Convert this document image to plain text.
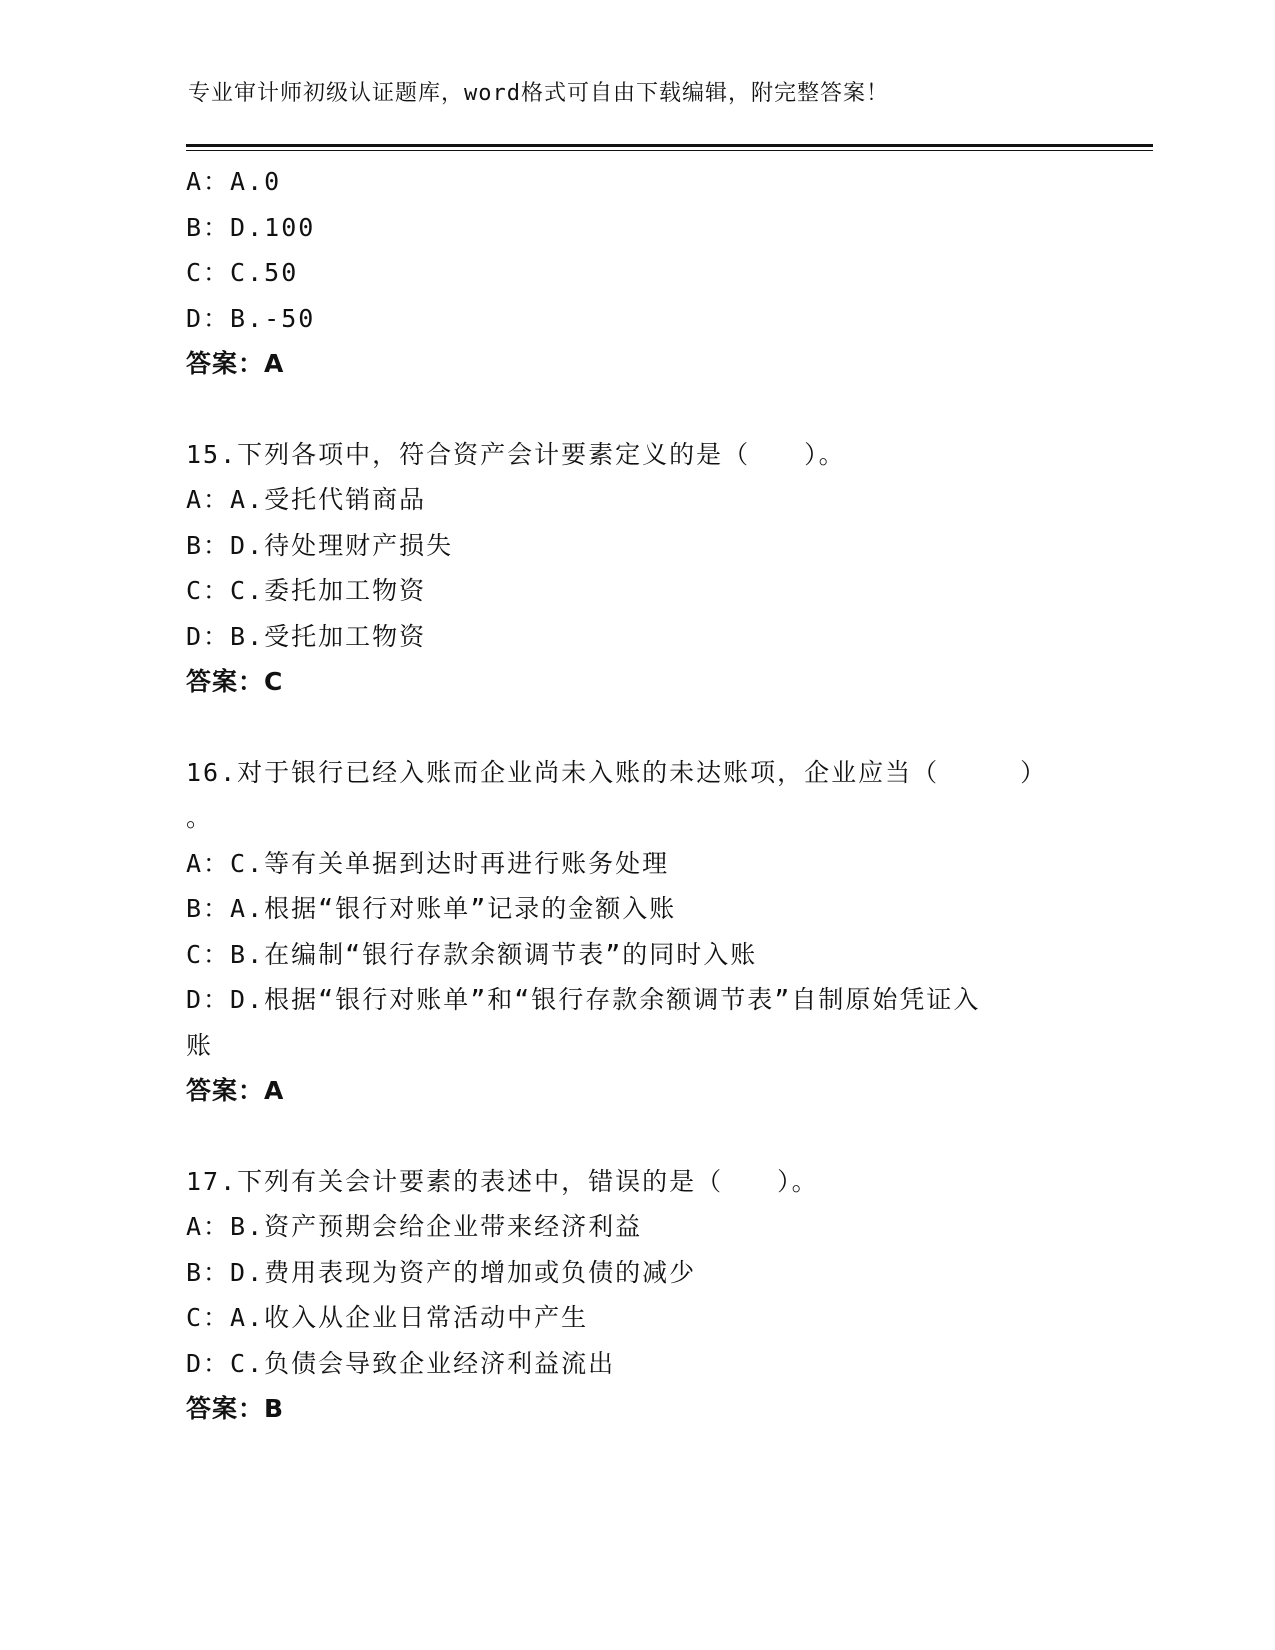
专业审计师初级认证题库，word格式可自由下载编辑，附完整答案！
A：A.0
B：D.100
C：C.50
D：B.-50
答案：A
15.下列各项中，符合资产会计要素定义的是（　　）。
A：A.受托代销商品
B：D.待处理财产损失
C：C.委托加工物资
D：B.受托加工物资
答案：C
16.对于银行已经入账而企业尚未入账的未达账项，企业应当（　　　）
。
A：C.等有关单据到达时再进行账务处理
B：A.根据“银行对账单”记录的金额入账
C：B.在编制“银行存款余额调节表”的同时入账
D：D.根据“银行对账单”和“银行存款余额调节表”自制原始凭证入
账
答案：A
17.下列有关会计要素的表述中，错误的是（　　）。
A：B.资产预期会给企业带来经济利益
B：D.费用表现为资产的增加或负债的减少
C：A.收入从企业日常活动中产生
D：C.负债会导致企业经济利益流出
答案：B
